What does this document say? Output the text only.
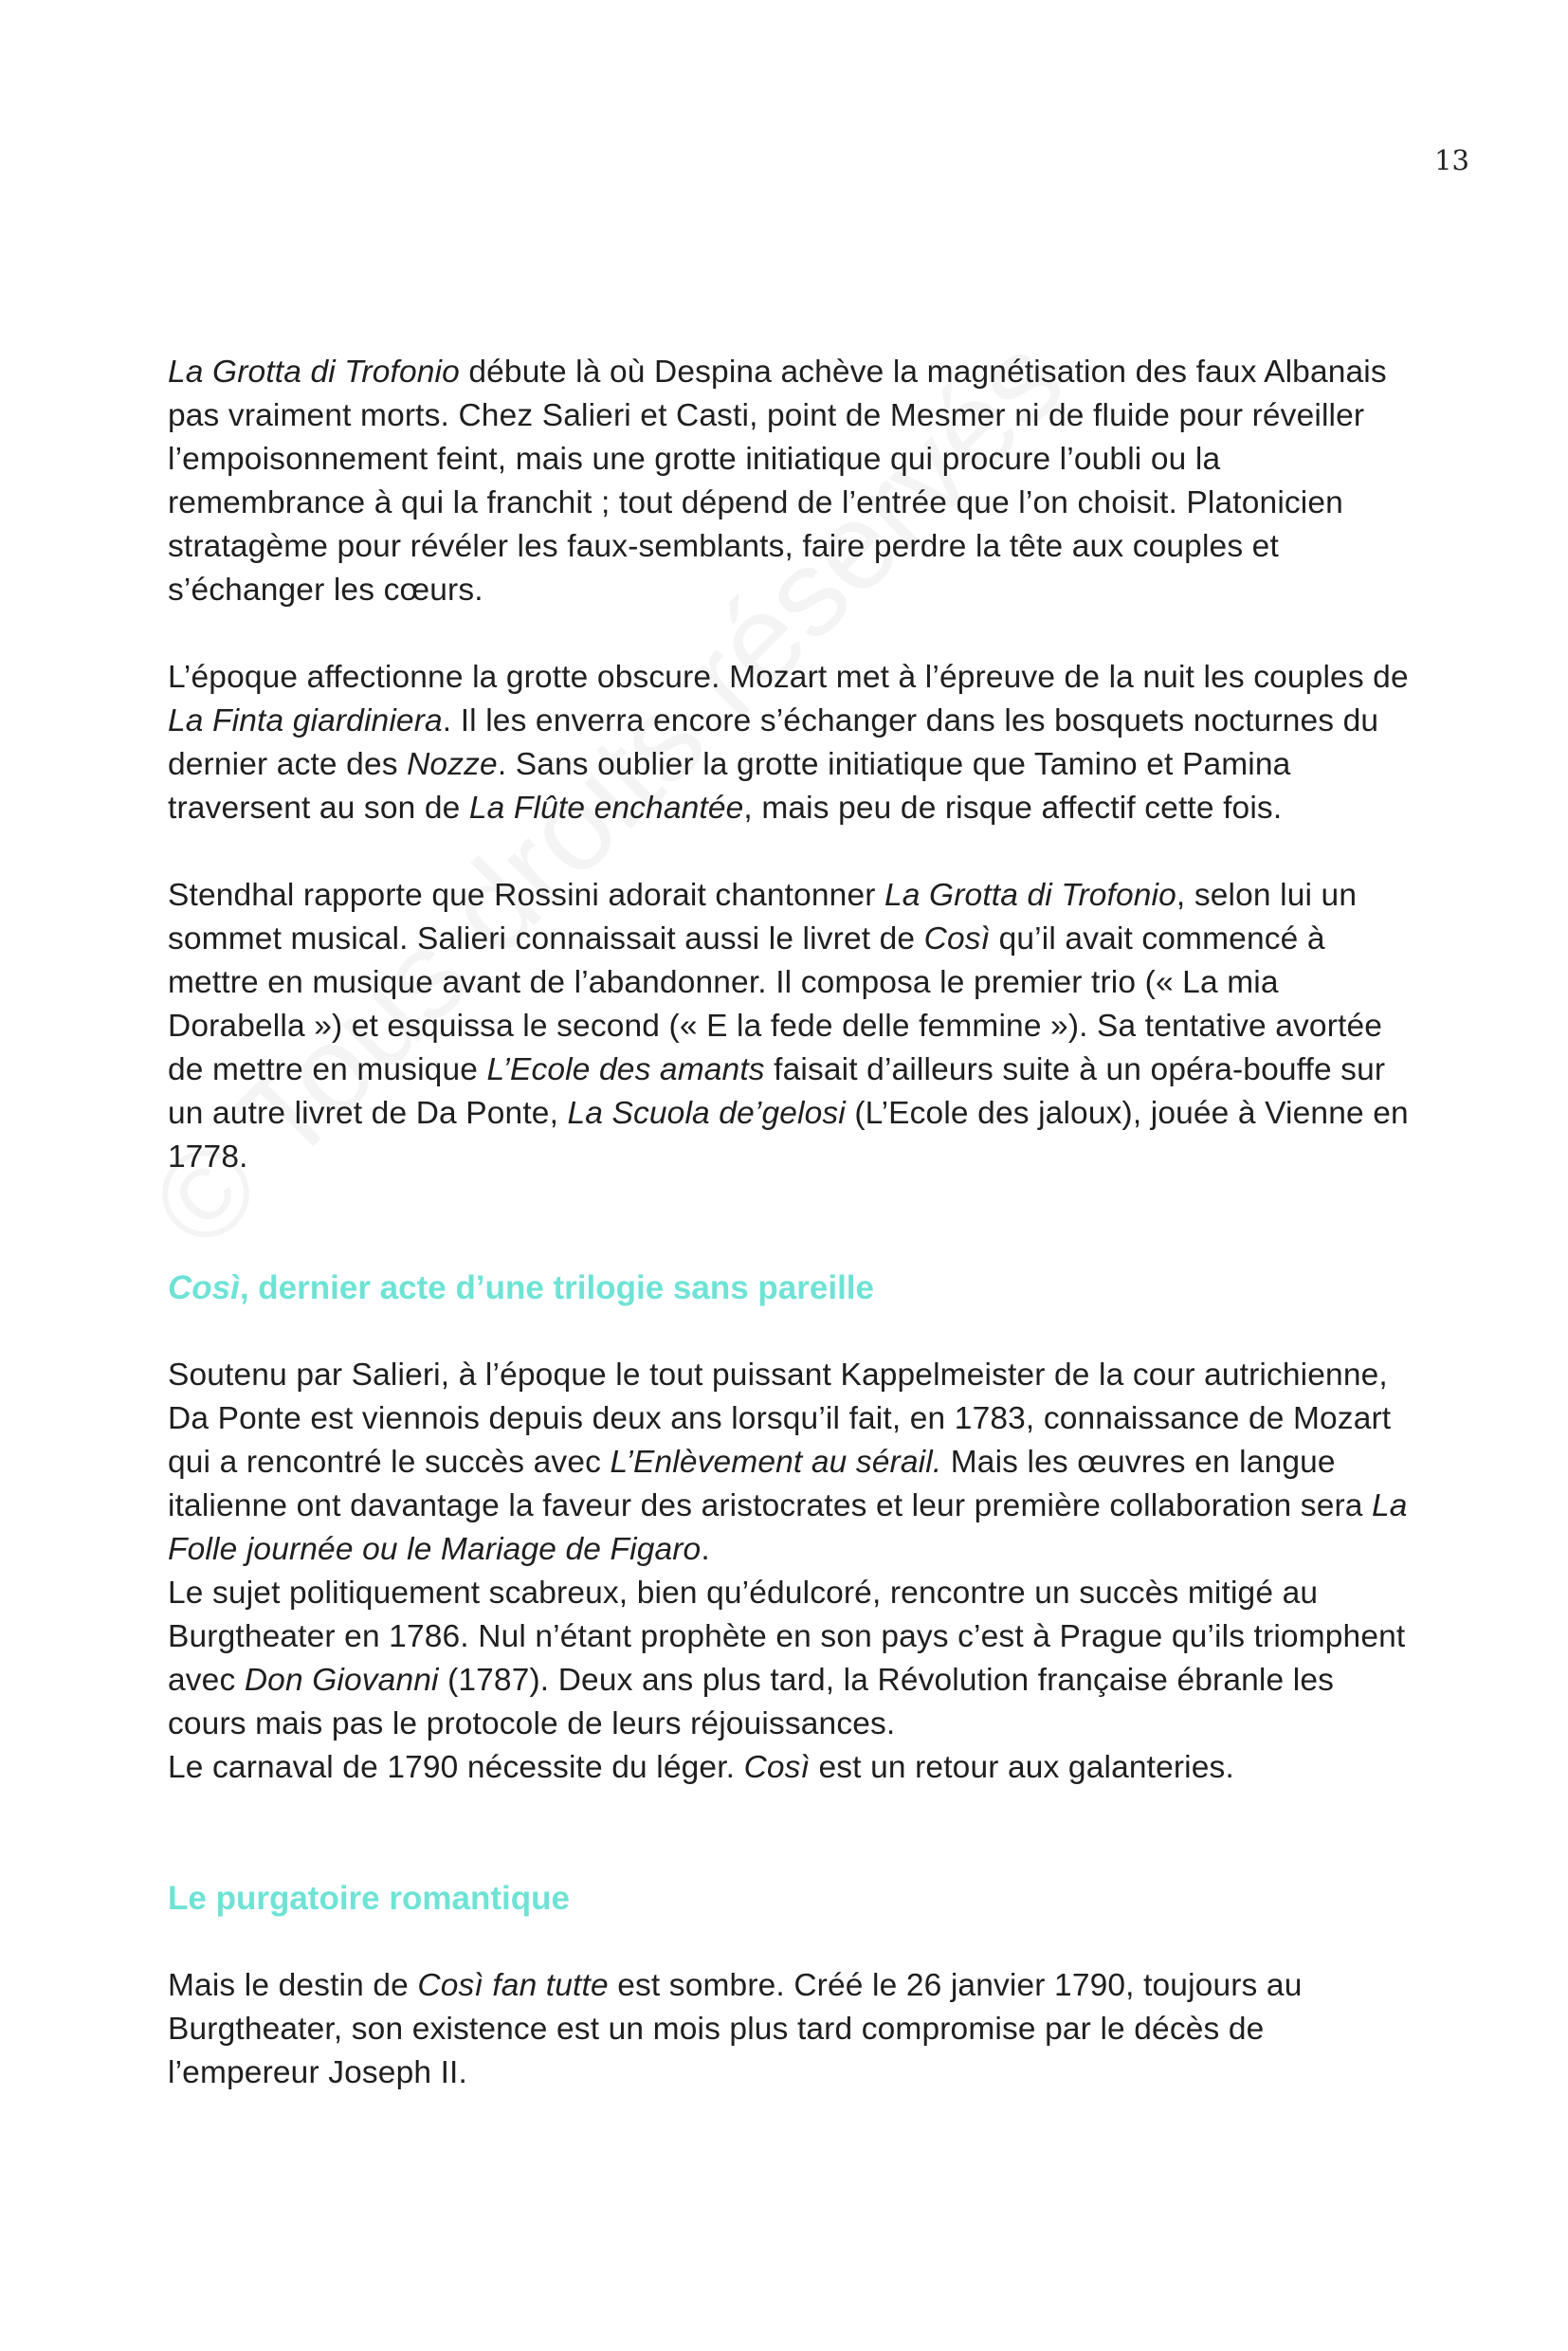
13

La Grotta di Trofonio débute là où Despina achève la magnétisation des faux Albanais pas vraiment morts. Chez Salieri et Casti, point de Mesmer ni de fluide pour réveiller l’empoisonnement feint, mais une grotte initiatique qui procure l’oubli ou la remembrance à qui la franchit ; tout dépend de l’entrée que l’on choisit. Platonicien stratagème pour révéler les faux-semblants, faire perdre la tête aux couples et s’échanger les cœurs.

L’époque affectionne la grotte obscure. Mozart met à l’épreuve de la nuit les couples de La Finta giardiniera. Il les enverra encore s’échanger dans les bosquets nocturnes du dernier acte des Nozze. Sans oublier la grotte initiatique que Tamino et Pamina traversent au son de La Flûte enchantée, mais peu de risque affectif cette fois.

Stendhal rapporte que Rossini adorait chantonner La Grotta di Trofonio, selon lui un sommet musical. Salieri connaissait aussi le livret de Così qu’il avait commencé à mettre en musique avant de l’abandonner. Il composa le premier trio (« La mia Dorabella ») et esquissa le second (« E la fede delle femmine »). Sa tentative avortée de mettre en musique L’Ecole des amants faisait d’ailleurs suite à un opéra-bouffe sur un autre livret de Da Ponte, La Scuola de’gelosi (L’Ecole des jaloux), jouée à Vienne en 1778.

Così, dernier acte d’une trilogie sans pareille

Soutenu par Salieri, à l’époque le tout puissant Kappelmeister de la cour autrichienne, Da Ponte est viennois depuis deux ans lorsqu’il fait, en 1783, connaissance de Mozart qui a rencontré le succès avec L’Enlèvement au sérail. Mais les œuvres en langue italienne ont davantage la faveur des aristocrates et leur première collaboration sera La Folle journée ou le Mariage de Figaro.
Le sujet politiquement scabreux, bien qu’édulcoré, rencontre un succès mitigé au Burgtheater en 1786. Nul n’étant prophète en son pays c’est à Prague qu’ils triomphent avec Don Giovanni (1787). Deux ans plus tard, la Révolution française ébranle les cours mais pas le protocole de leurs réjouissances.
Le carnaval de 1790 nécessite du léger. Così est un retour aux galanteries.

Le purgatoire romantique

Mais le destin de Così fan tutte est sombre. Créé le 26 janvier 1790, toujours au Burgtheater, son existence est un mois plus tard compromise par le décès de l’empereur Joseph II.
